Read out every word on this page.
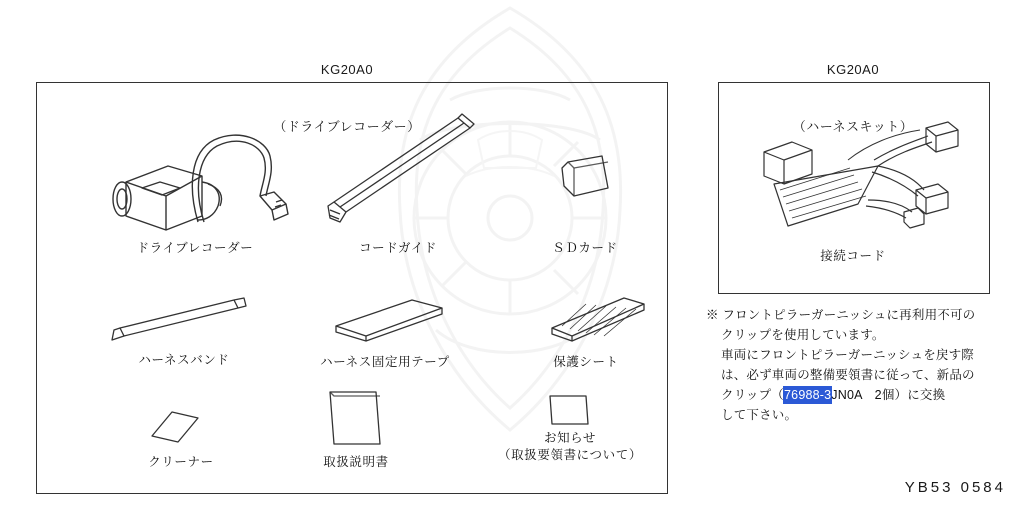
KG20A0

（ドライブレコーダー）

KG20A0

（ハーネスキット）

ドライブレコーダー	コードガイド	ＳＤカード
ハーネスバンド	ハーネス固定用テープ	保護シート
クリーナー	取扱説明書
お知らせ
（取扱要領書について）
接続コード
※ フロントピラーガーニッシュに再利用不可の
クリップを使用しています。
車両にフロントピラーガーニッシュを戻す際
は、必ず車両の整備要領書に従って、新品の
クリップ（76988-3JN0A　2個）に交換
して下さい。
YB53 0584
